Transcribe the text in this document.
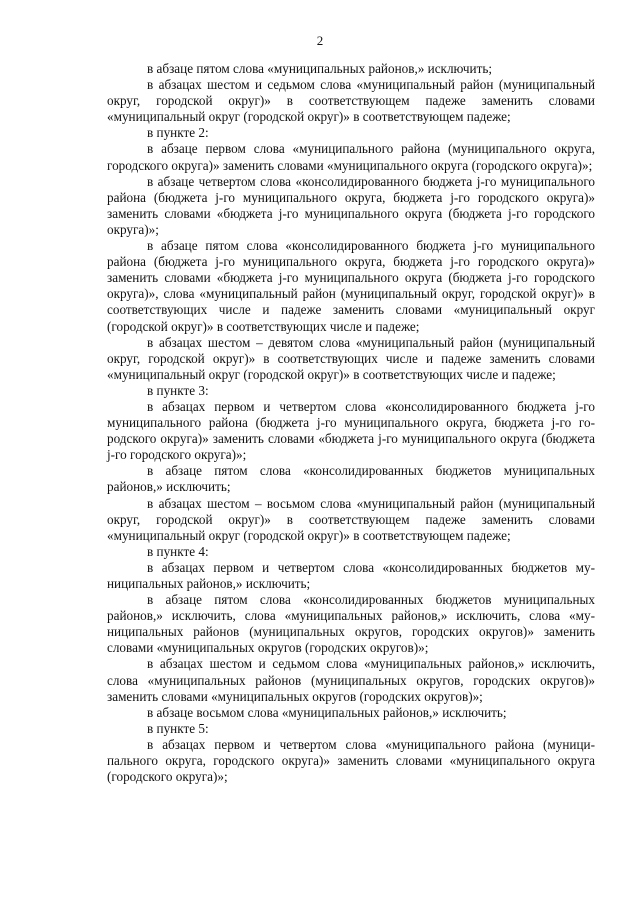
2

в абзаце пятом слова «муниципальных районов,» исключить;

в абзацах шестом и седьмом слова «муниципальный район (муниципальный округ, городской округ)» в соответствующем падеже заменить словами «муниципальный округ (городской округ)» в соответствующем падеже;

в пункте 2:

в абзаце первом слова «муниципального района (муниципального округа, городского округа)» заменить словами «муниципального округа (городского округа)»;

в абзаце четвертом слова «консолидированного бюджета j-го муниципального района (бюджета j-го муниципального округа, бюджета j-го городского округа)» заменить словами «бюджета j-го муниципального округа (бюджета j-го городского округа)»;

в абзаце пятом слова «консолидированного бюджета j-го муниципального района (бюджета j-го муниципального округа, бюджета j-го городского округа)» заменить словами «бюджета j-го муниципального округа (бюджета j-го городского округа)», слова «муниципальный район (муниципальный округ, городской округ)» в соответствующих числе и падеже заменить словами «муниципальный округ (городской округ)» в соответствующих числе и падеже;

в абзацах шестом – девятом слова «муниципальный район (муниципальный округ, городской округ)» в соответствующих числе и падеже заменить словами «муниципальный округ (городской округ)» в соответствующих числе и падеже;

в пункте 3:

в абзацах первом и четвертом слова «консолидированного бюджета j-го муниципального района (бюджета j-го муниципального округа, бюджета j-го городского округа)» заменить словами «бюджета j-го муниципального округа (бюджета j-го городского округа)»;

в абзаце пятом слова «консолидированных бюджетов муниципальных районов,» исключить;

в абзацах шестом – восьмом слова «муниципальный район (муниципальный округ, городской округ)» в соответствующем падеже заменить словами «муниципальный округ (городской округ)» в соответствующем падеже;

в пункте 4:

в абзацах первом и четвертом слова «консолидированных бюджетов муниципальных районов,» исключить;

в абзаце пятом слова «консолидированных бюджетов муниципальных районов,» исключить, слова «муниципальных районов,» исключить, слова «муниципальных районов (муниципальных округов, городских округов)» заменить словами «муниципальных округов (городских округов)»;

в абзацах шестом и седьмом слова «муниципальных районов,» исключить, слова «муниципальных районов (муниципальных округов, городских округов)» заменить словами «муниципальных округов (городских округов)»;

в абзаце восьмом слова «муниципальных районов,» исключить;

в пункте 5:

в абзацах первом и четвертом слова «муниципального района (муниципального округа, городского округа)» заменить словами «муниципального округа (городского округа)»;
